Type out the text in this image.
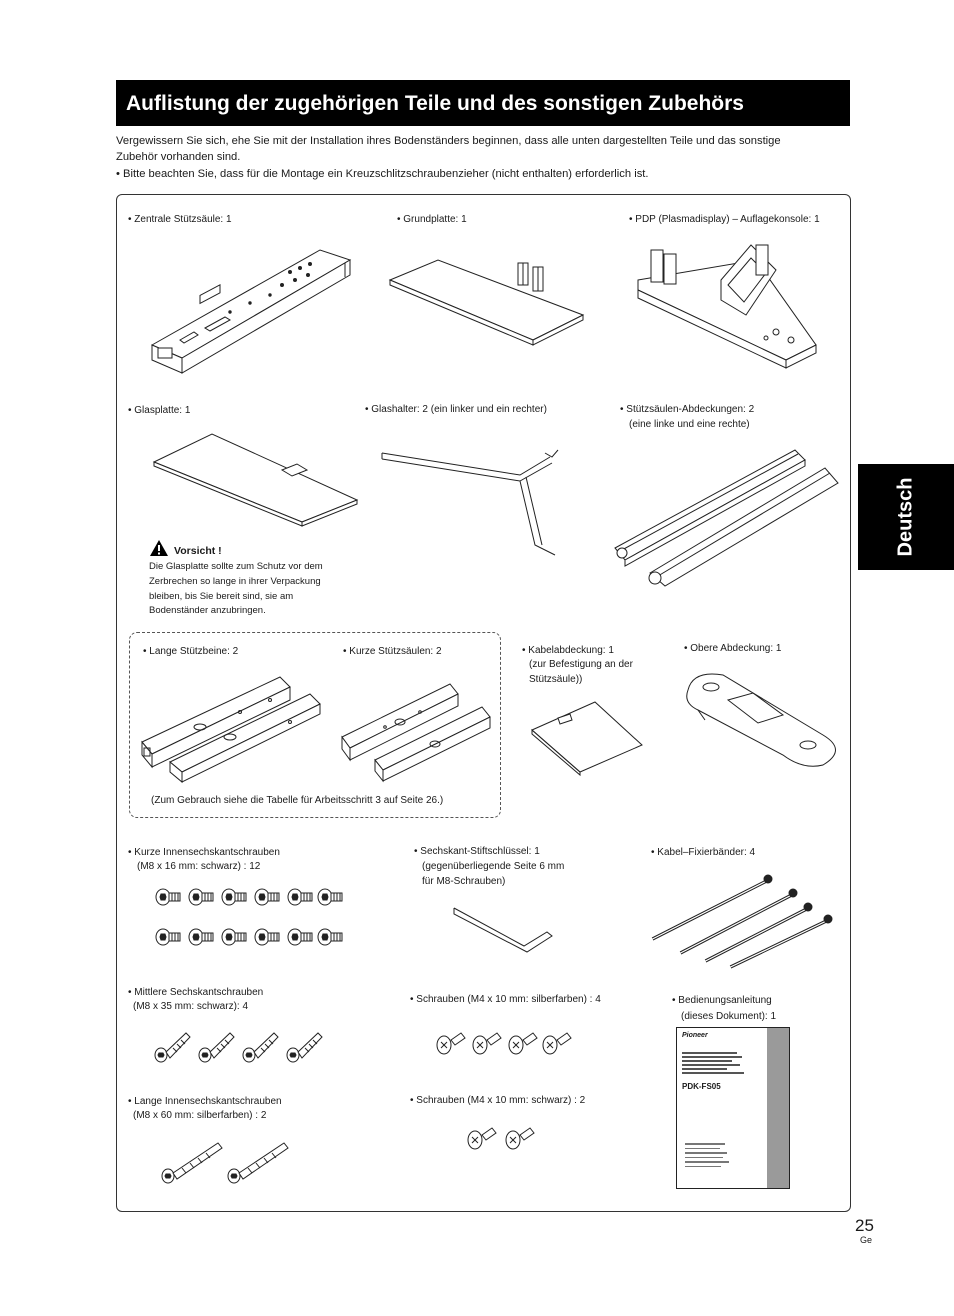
Auflistung der zugehörigen Teile und des sonstigen Zubehörs
Vergewissern Sie sich, ehe Sie mit der Installation ihres Bodenständers beginnen, dass alle unten dargestellten Teile und das sonstige
Zubehör vorhanden sind.
• Bitte beachten Sie, dass für die Montage ein Kreuzschlitzschraubenzieher (nicht enthalten) erforderlich ist.
Deutsch
• Zentrale Stützsäule: 1	• Grundplatte: 1	• PDP (Plasmadisplay) – Auflagekonsole: 1
• Glasplatte: 1	• Glashalter: 2 (ein linker und ein rechter)	• Stützsäulen-Abdeckungen: 2
(eine linke und eine rechte)
Vorsicht !
Die Glasplatte sollte zum Schutz vor dem
Zerbrechen so lange in ihrer Verpackung
bleiben, bis Sie bereit sind, sie am
Bodenständer anzubringen.
• Lange Stützbeine: 2	• Kurze Stützsäulen: 2
(Zum Gebrauch siehe die Tabelle für Arbeitsschritt 3 auf Seite 26.)
• Kabelabdeckung: 1
(zur Befestigung an der
Stützsäule))
• Obere Abdeckung: 1
• Kurze Innensechskantschrauben
(M8 x 16 mm: schwarz) : 12
• Sechskant-Stiftschlüssel: 1
(gegenüberliegende Seite 6 mm
für M8-Schrauben)
• Kabel–Fixierbänder: 4
• Mittlere Sechskantschrauben
(M8 x 35 mm: schwarz): 4
• Schrauben (M4 x 10 mm: silberfarben) : 4	• Bedienungsanleitung
(dieses Dokument): 1
Pioneer
PDK-FS05
• Lange Innensechskantschrauben
(M8 x 60 mm: silberfarben) : 2
• Schrauben (M4 x 10 mm: schwarz) : 2
25
Ge
